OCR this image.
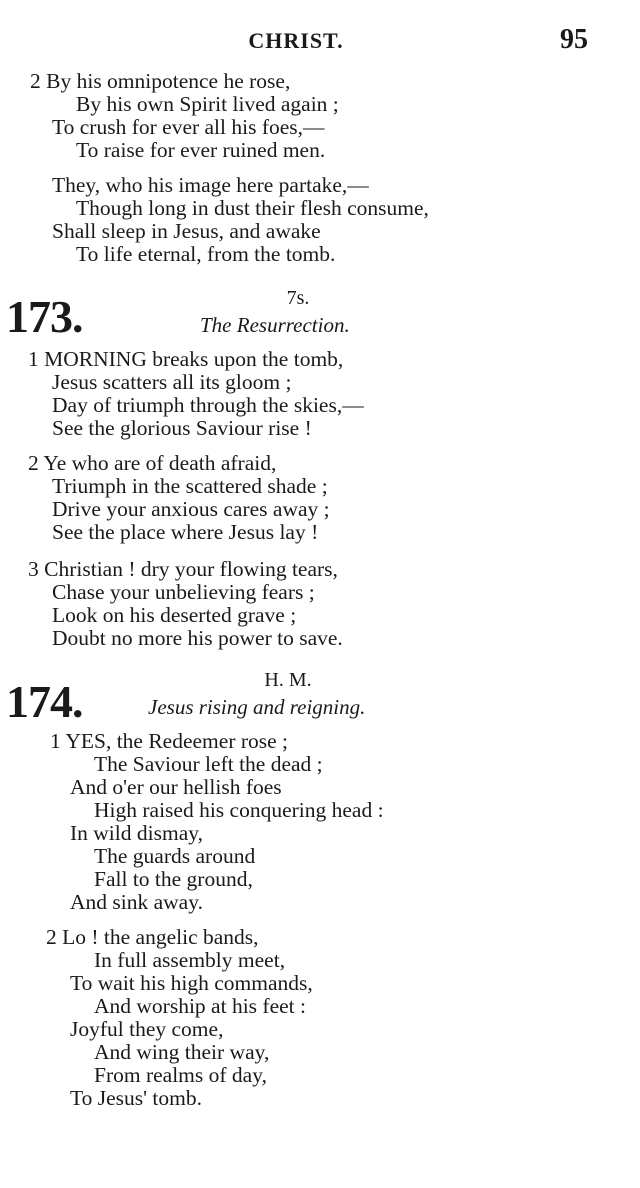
CHRIST.	95
2 By his omnipotence he rose,
By his own Spirit lived again ;
To crush for ever all his foes,—
To raise for ever ruined men.
They, who his image here partake,—
Though long in dust their flesh consume,
Shall sleep in Jesus, and awake
To life eternal, from the tomb.
173.	7s.
The Resurrection.
1 MORNING breaks upon the tomb,
Jesus scatters all its gloom ;
Day of triumph through the skies,—
See the glorious Saviour rise !
2 Ye who are of death afraid,
Triumph in the scattered shade ;
Drive your anxious cares away ;
See the place where Jesus lay !
3 Christian ! dry your flowing tears,
Chase your unbelieving fears ;
Look on his deserted grave ;
Doubt no more his power to save.
174.	H. M.
Jesus rising and reigning.
1 YES, the Redeemer rose ;
The Saviour left the dead ;
And o'er our hellish foes
High raised his conquering head :
In wild dismay,
The guards around
Fall to the ground,
And sink away.
2 Lo ! the angelic bands,
In full assembly meet,
To wait his high commands,
And worship at his feet :
Joyful they come,
And wing their way,
From realms of day,
To Jesus' tomb.
